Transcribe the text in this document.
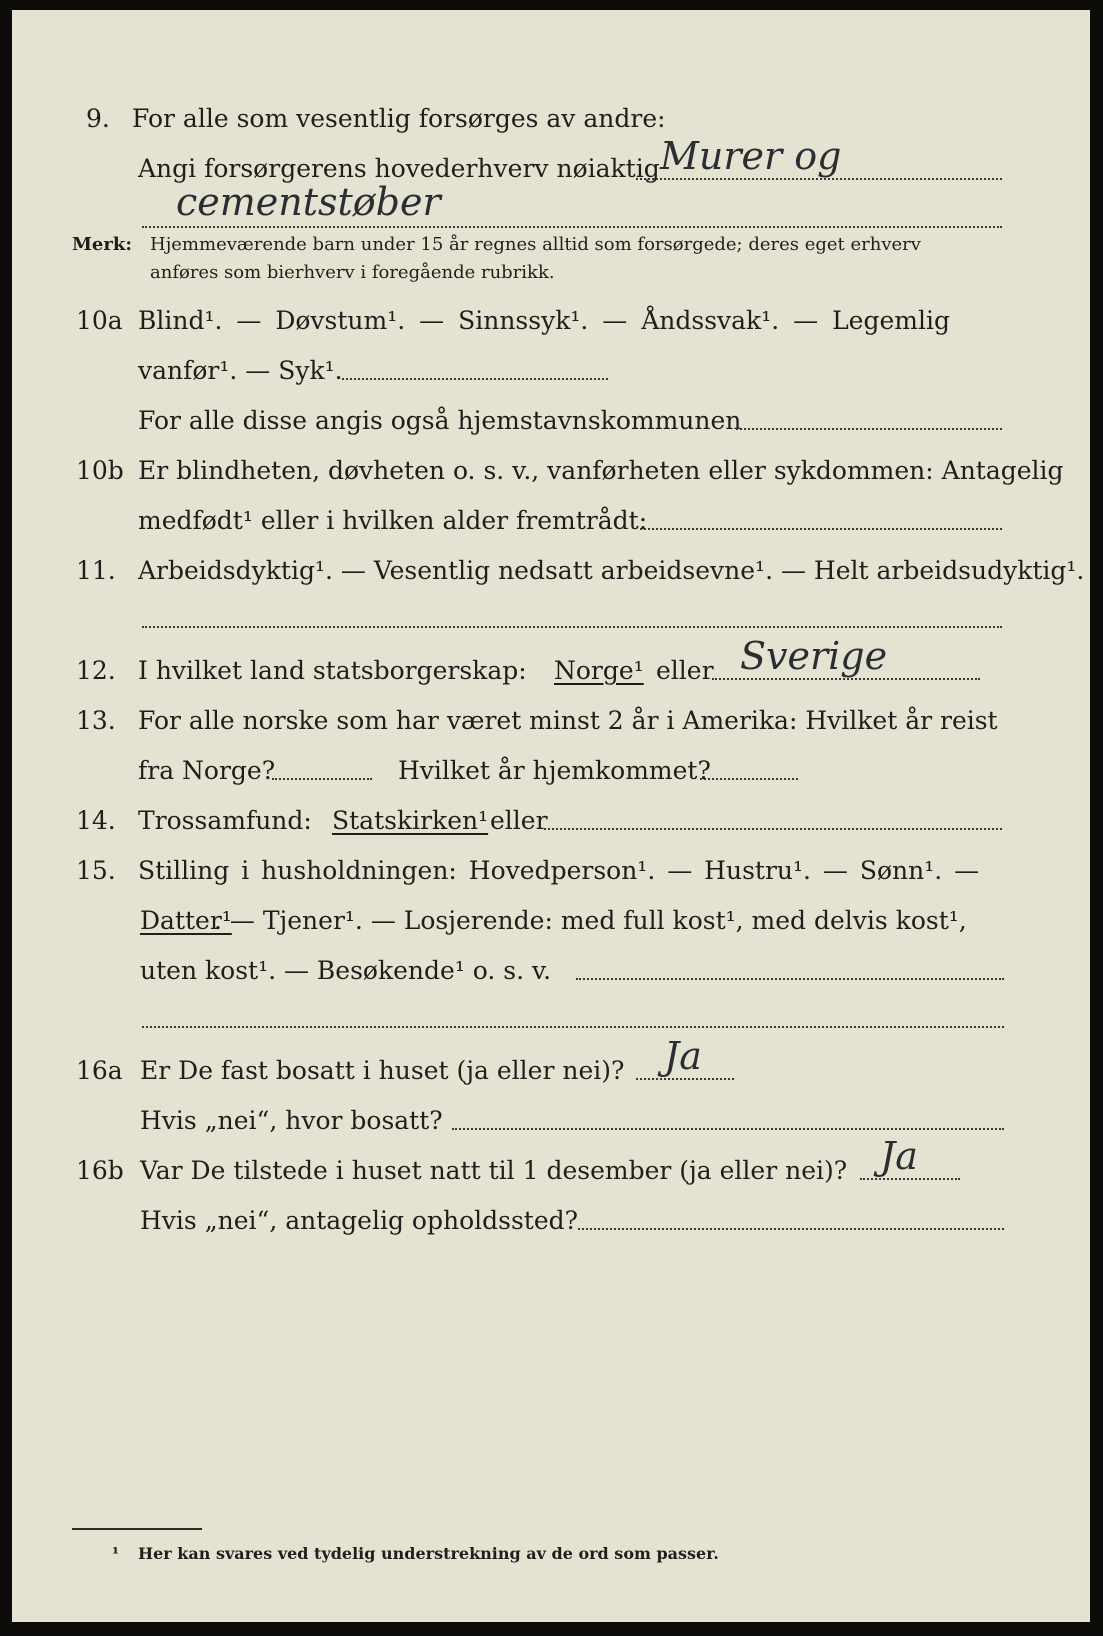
9. For alle som vesentlig forsørges av andre:
Angi forsørgerens hovederhverv nøiaktig Murer og
cementstøber
Merk: Hjemmeværende barn under 15 år regnes alltid som forsørgede; deres eget erhverv
anføres som bierhverv i foregående rubrikk.
10a Blind¹. — Døvstum¹. — Sinnssyk¹. — Åndssvak¹. — Legemlig
vanfør¹. — Syk¹.
For alle disse angis også hjemstavnskommunen
10b Er blindheten, døvheten o. s. v., vanførheten eller sykdommen: Antagelig
medfødt¹ eller i hvilken alder fremtrådt:
11. Arbeidsdyktig¹. — Vesentlig nedsatt arbeidsevne¹. — Helt arbeidsudyktig¹.
12. I hvilket land statsborgerskap: Norge¹ eller Sverige
13. For alle norske som har været minst 2 år i Amerika: Hvilket år reist
fra Norge?	Hvilket år hjemkommet?
14. Trossamfund: Statskirken¹ eller
15. Stilling i husholdningen: Hovedperson¹. — Hustru¹. — Sønn¹. —
Datter¹
. — Tjener¹. — Losjerende: med full kost¹, med delvis kost¹,
uten kost¹. — Besøkende¹ o. s. v.
16a Er De fast bosatt i huset (ja eller nei)? Ja
Hvis „nei“, hvor bosatt?
16b Var De tilstede i huset natt til 1 desember (ja eller nei)? Ja
Hvis „nei“, antagelig opholdssted?
¹ Her kan svares ved tydelig understrekning av de ord som passer.
